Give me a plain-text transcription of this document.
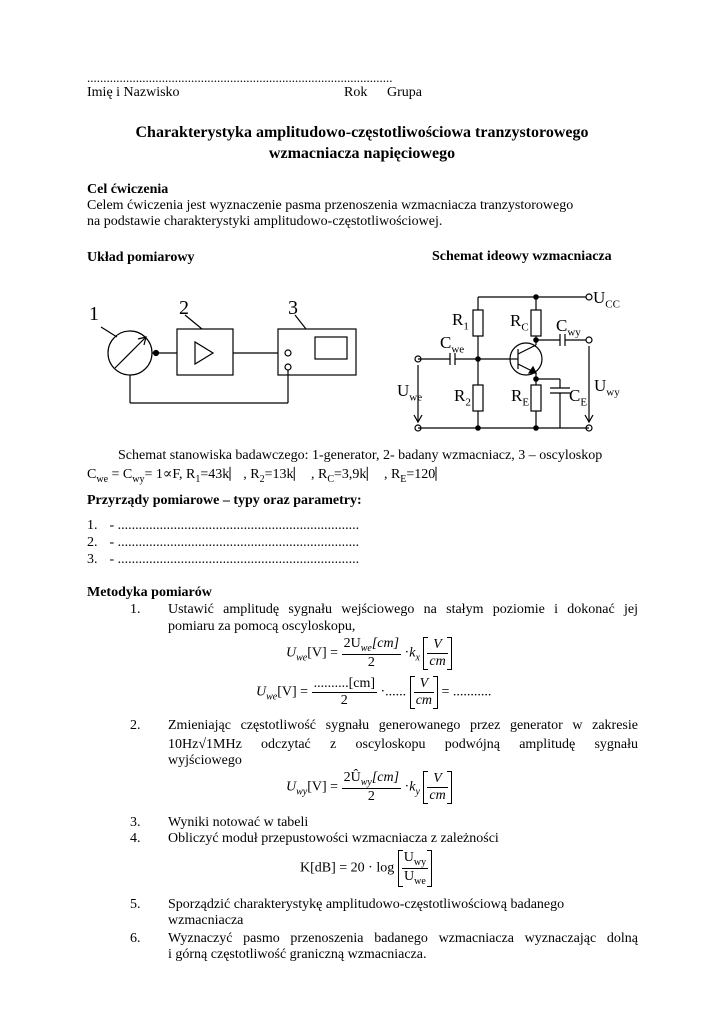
..............................................................................................
Imię i Nazwisko	Rok Grupa
Charakterystyka amplitudowo-częstotliwościowa tranzystorowego
wzmacniacza napięciowego
Cel ćwiczenia
Celem ćwiczenia jest wyznaczenie pasma przenoszenia wzmacniacza tranzystorowego
na podstawie charakterystyki amplitudowo-częstotliwościowej.
Układ pomiarowy	Schemat ideowy wzmacniacza
1	2	3	$U_{CC}$
$R_1$ $R_C$ $C_{wy}$
$C_{we}$
$U_{we}$ $R_2$ $R_E$ $C_E$
$U_{wy}$
Schemat stanowiska badawczego: 1-generator, 2- badany wzmacniacz, 3 – oscyloskop
$C_{we} = C_{wy}= 1\propto F$, $R_1=43k⎸$, $R_2=13k⎸$ , $R_C=3,9k⎸$ , $R_E=120⎸$
Przyrządy pomiarowe – typy oraz parametry:
1. - .....................................................................
2. - .....................................................................
3. - .....................................................................
Metodyka pomiarów
1. Ustawić amplitudę sygnału wejściowego na stałym poziomie i dokonać jej
pomiaru za pomocą oscyloskopu,
$U_{we}[V] = \frac{2U_{we}[cm]}{2} \cdot k_x \frac{V}{cm}$
$U_{we}[V] = \frac{..........[cm]}{2}$ ·...... $\frac{V}{cm}$ = ...........
2. Zmieniając częstotliwość sygnału generowanego przez generator w zakresie
10Hz√1MHz odczytać z oscyloskopu podwójną amplitudę sygnału
wyjściowego
$U_{wy}[V] = \frac{2Û_{wy}[cm]}{2} \cdot k_y \frac{V}{cm}$
3. Wyniki notować w tabeli
4. Obliczyć moduł przepustowości wzmacniacza z zależności
$K[dB] = 20 \cdot \log \frac{U_{wy}}{U_{we}}$
5. Sporządzić charakterystykę amplitudowo-częstotliwościową badanego
wzmacniacza
6. Wyznaczyć pasmo przenoszenia badanego wzmacniacza wyznaczając dolną
i górną częstotliwość graniczną wzmacniacza.
